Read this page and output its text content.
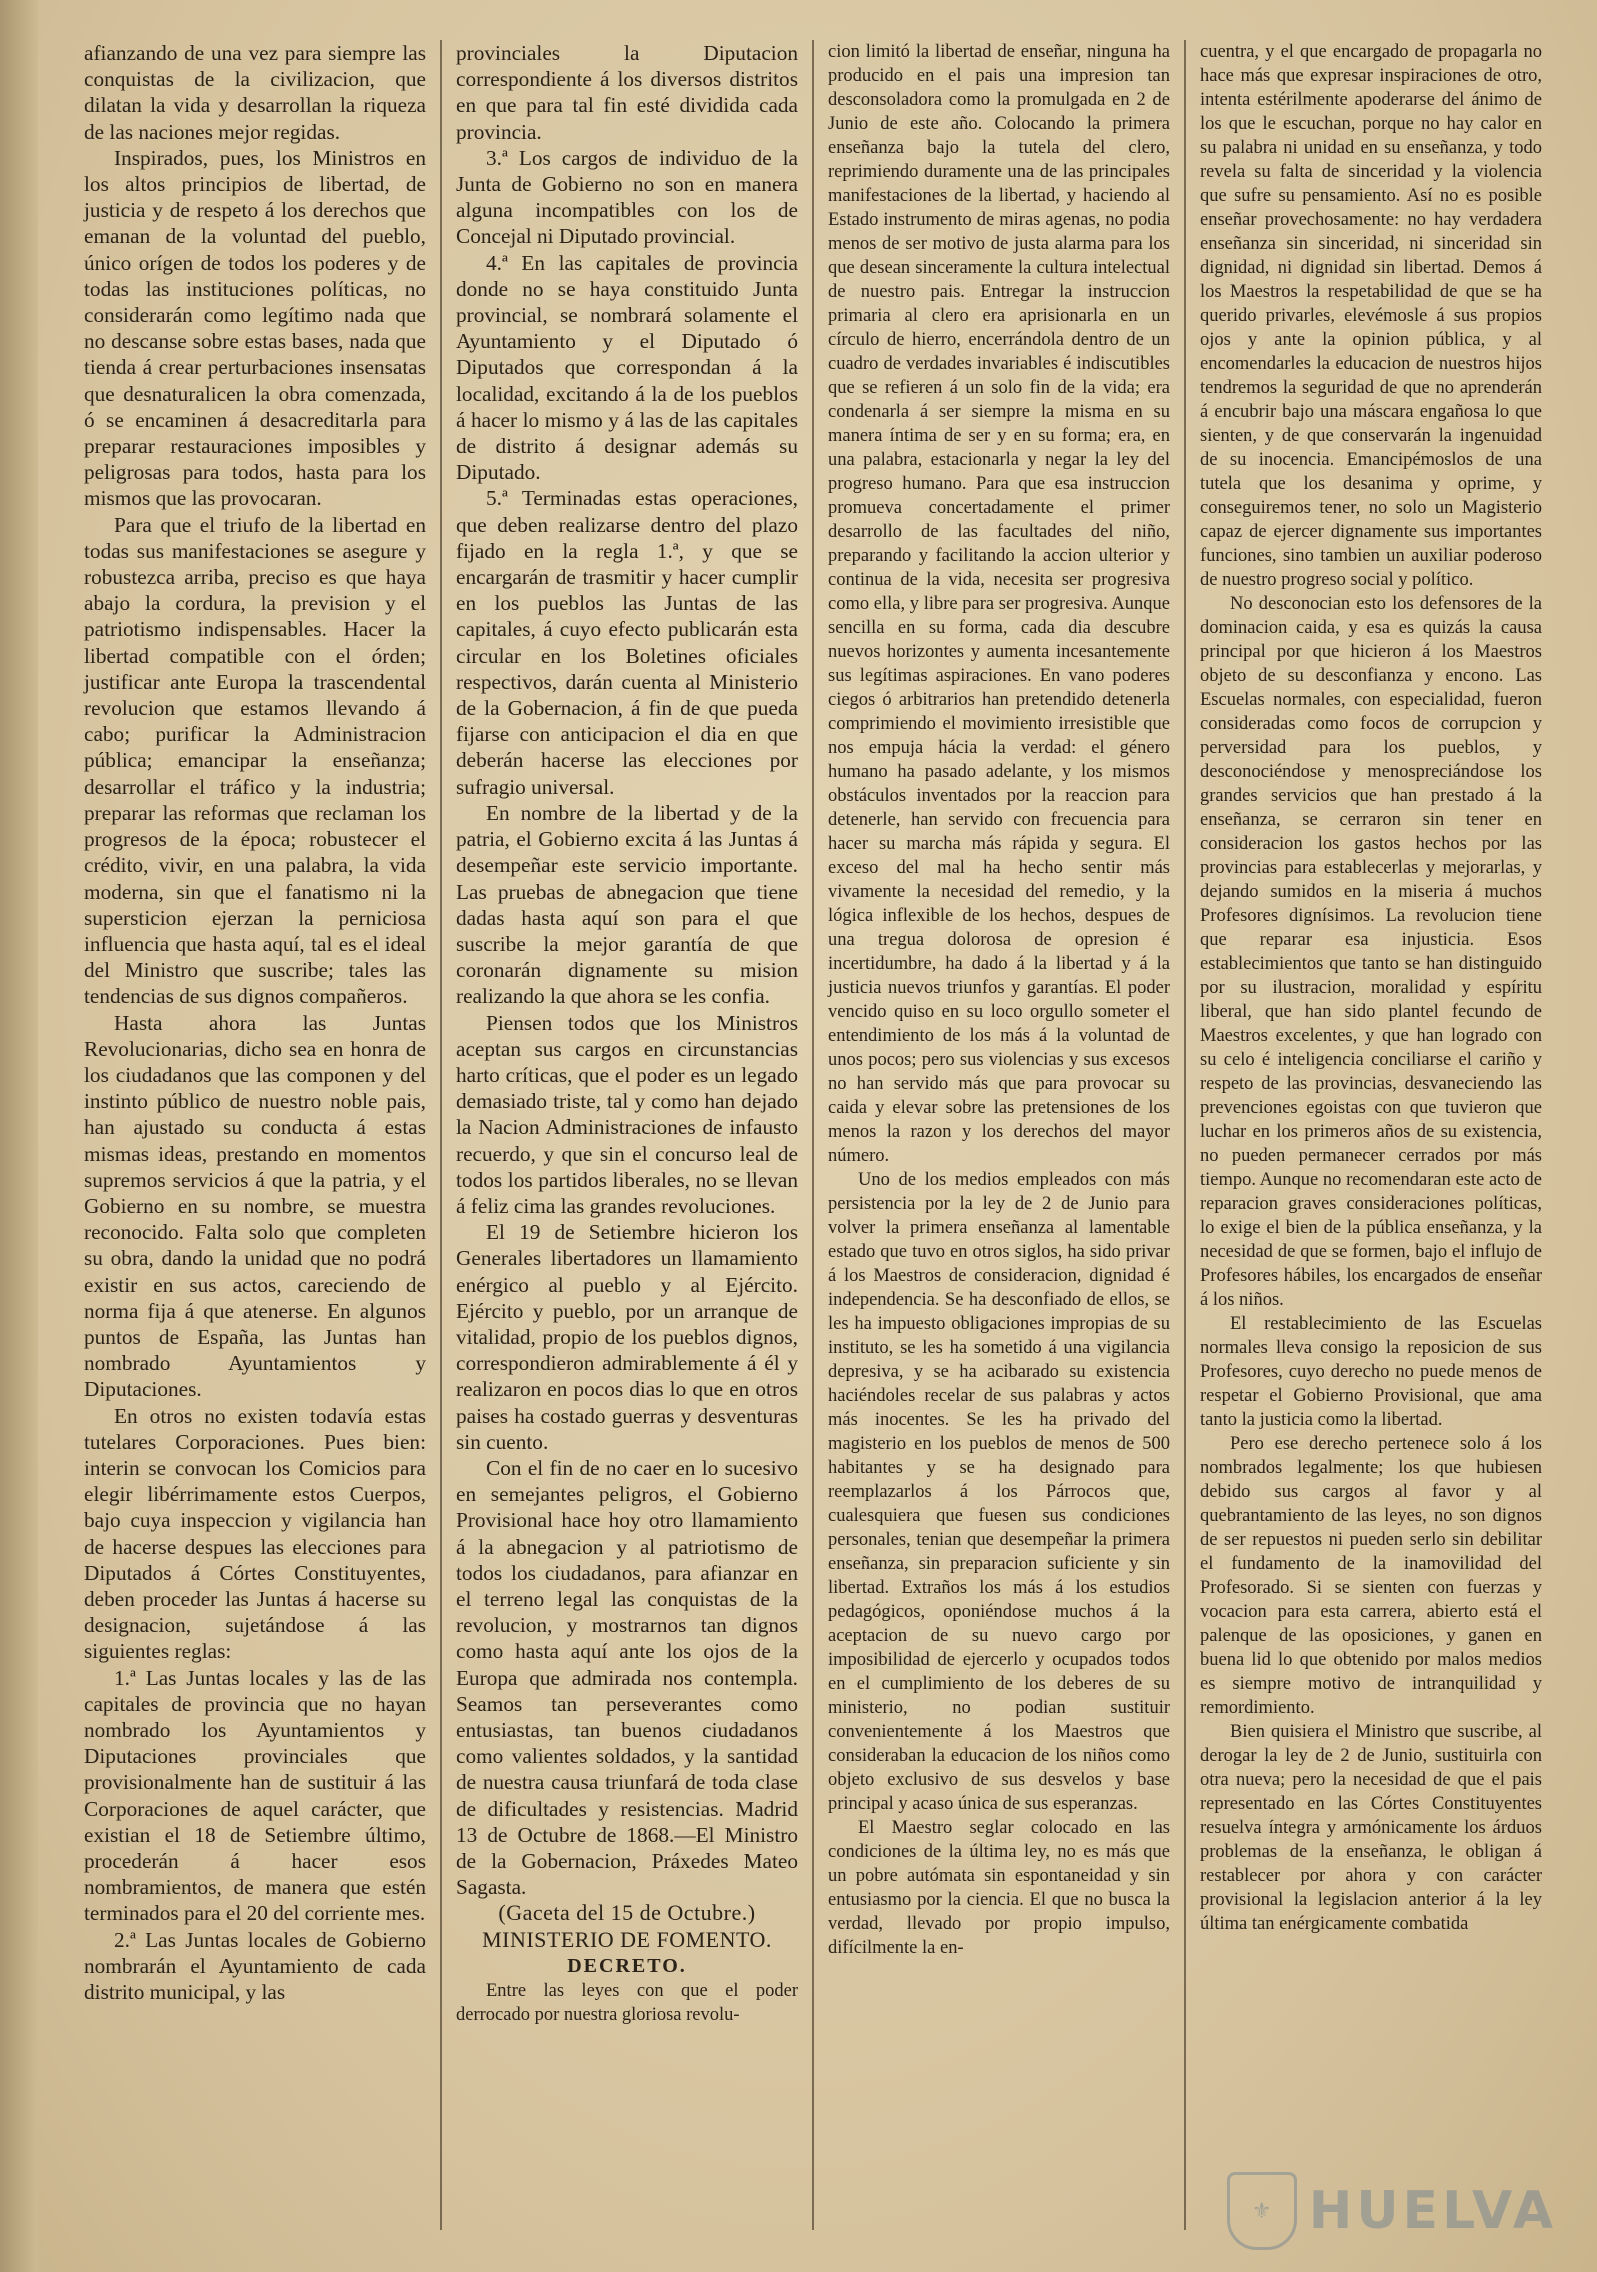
afianzando de una vez para siempre las conquistas de la civilizacion, que dilatan la vida y desarrollan la riqueza de las naciones mejor regidas.

Inspirados, pues, los Ministros en los altos principios de libertad, de justicia y de respeto á los derechos que emanan de la voluntad del pueblo, único orígen de todos los poderes y de todas las instituciones políticas, no considerarán como legítimo nada que no descanse sobre estas bases, nada que tienda á crear perturbaciones insensatas que desnaturalicen la obra comenzada, ó se encaminen á desacreditarla para preparar restauraciones imposibles y peligrosas para todos, hasta para los mismos que las provocaran.

Para que el triufo de la libertad en todas sus manifestaciones se asegure y robustezca arriba, preciso es que haya abajo la cordura, la prevision y el patriotismo indispensables. Hacer la libertad compatible con el órden; justificar ante Europa la trascendental revolucion que estamos llevando á cabo; purificar la Administracion pública; emancipar la enseñanza; desarrollar el tráfico y la industria; preparar las reformas que reclaman los progresos de la época; robustecer el crédito, vivir, en una palabra, la vida moderna, sin que el fanatismo ni la supersticion ejerzan la perniciosa influencia que hasta aquí, tal es el ideal del Ministro que suscribe; tales las tendencias de sus dignos compañeros.

Hasta ahora las Juntas Revolucionarias, dicho sea en honra de los ciudadanos que las componen y del instinto público de nuestro noble pais, han ajustado su conducta á estas mismas ideas, prestando en momentos supremos servicios á que la patria, y el Gobierno en su nombre, se muestra reconocido. Falta solo que completen su obra, dando la unidad que no podrá existir en sus actos, careciendo de norma fija á que atenerse. En algunos puntos de España, las Juntas han nombrado Ayuntamientos y Diputaciones.

En otros no existen todavía estas tutelares Corporaciones. Pues bien: interin se convocan los Comicios para elegir libérrimamente estos Cuerpos, bajo cuya inspeccion y vigilancia han de hacerse despues las elecciones para Diputados á Córtes Constituyentes, deben proceder las Juntas á hacerse su designacion, sujetándose á las siguientes reglas:

1.ª Las Juntas locales y las de las capitales de provincia que no hayan nombrado los Ayuntamientos y Diputaciones provinciales que provisionalmente han de sustituir á las Corporaciones de aquel carácter, que existian el 18 de Setiembre último, procederán á hacer esos nombramientos, de manera que estén terminados para el 20 del corriente mes.

2.ª Las Juntas locales de Gobierno nombrarán el Ayuntamiento de cada distrito municipal, y las

provinciales la Diputacion correspondiente á los diversos distritos en que para tal fin esté dividida cada provincia.

3.ª Los cargos de individuo de la Junta de Gobierno no son en manera alguna incompatibles con los de Concejal ni Diputado provincial.

4.ª En las capitales de provincia donde no se haya constituido Junta provincial, se nombrará solamente el Ayuntamiento y el Diputado ó Diputados que correspondan á la localidad, excitando á la de los pueblos á hacer lo mismo y á las de las capitales de distrito á designar además su Diputado.

5.ª Terminadas estas operaciones, que deben realizarse dentro del plazo fijado en la regla 1.ª, y que se encargarán de trasmitir y hacer cumplir en los pueblos las Juntas de las capitales, á cuyo efecto publicarán esta circular en los Boletines oficiales respectivos, darán cuenta al Ministerio de la Gobernacion, á fin de que pueda fijarse con anticipacion el dia en que deberán hacerse las elecciones por sufragio universal.

En nombre de la libertad y de la patria, el Gobierno excita á las Juntas á desempeñar este servicio importante. Las pruebas de abnegacion que tiene dadas hasta aquí son para el que suscribe la mejor garantía de que coronarán dignamente su mision realizando la que ahora se les confia.

Piensen todos que los Ministros aceptan sus cargos en circunstancias harto críticas, que el poder es un legado demasiado triste, tal y como han dejado la Nacion Administraciones de infausto recuerdo, y que sin el concurso leal de todos los partidos liberales, no se llevan á feliz cima las grandes revoluciones.

El 19 de Setiembre hicieron los Generales libertadores un llamamiento enérgico al pueblo y al Ejército. Ejército y pueblo, por un arranque de vitalidad, propio de los pueblos dignos, correspondieron admirablemente á él y realizaron en pocos dias lo que en otros paises ha costado guerras y desventuras sin cuento.

Con el fin de no caer en lo sucesivo en semejantes peligros, el Gobierno Provisional hace hoy otro llamamiento á la abnegacion y al patriotismo de todos los ciudadanos, para afianzar en el terreno legal las conquistas de la revolucion, y mostrarnos tan dignos como hasta aquí ante los ojos de la Europa que admirada nos contempla. Seamos tan perseverantes como entusiastas, tan buenos ciudadanos como valientes soldados, y la santidad de nuestra causa triunfará de toda clase de dificultades y resistencias. Madrid 13 de Octubre de 1868.—El Ministro de la Gobernacion, Práxedes Mateo Sagasta.

(Gaceta del 15 de Octubre.)

MINISTERIO DE FOMENTO.

DECRETO.

Entre las leyes con que el poder derrocado por nuestra gloriosa revolu-

cion limitó la libertad de enseñar, ninguna ha producido en el pais una impresion tan desconsoladora como la promulgada en 2 de Junio de este año. Colocando la primera enseñanza bajo la tutela del clero, reprimiendo duramente una de las principales manifestaciones de la libertad, y haciendo al Estado instrumento de miras agenas, no podia menos de ser motivo de justa alarma para los que desean sinceramente la cultura intelectual de nuestro pais. Entregar la instruccion primaria al clero era aprisionarla en un círculo de hierro, encerrándola dentro de un cuadro de verdades invariables é indiscutibles que se refieren á un solo fin de la vida; era condenarla á ser siempre la misma en su manera íntima de ser y en su forma; era, en una palabra, estacionarla y negar la ley del progreso humano. Para que esa instruccion promueva concertadamente el primer desarrollo de las facultades del niño, preparando y facilitando la accion ulterior y continua de la vida, necesita ser progresiva como ella, y libre para ser progresiva. Aunque sencilla en su forma, cada dia descubre nuevos horizontes y aumenta incesantemente sus legítimas aspiraciones. En vano poderes ciegos ó arbitrarios han pretendido detenerla comprimiendo el movimiento irresistible que nos empuja hácia la verdad: el género humano ha pasado adelante, y los mismos obstáculos inventados por la reaccion para detenerle, han servido con frecuencia para hacer su marcha más rápida y segura. El exceso del mal ha hecho sentir más vivamente la necesidad del remedio, y la lógica inflexible de los hechos, despues de una tregua dolorosa de opresion é incertidumbre, ha dado á la libertad y á la justicia nuevos triunfos y garantías. El poder vencido quiso en su loco orgullo someter el entendimiento de los más á la voluntad de unos pocos; pero sus violencias y sus excesos no han servido más que para provocar su caida y elevar sobre las pretensiones de los menos la razon y los derechos del mayor número.

Uno de los medios empleados con más persistencia por la ley de 2 de Junio para volver la primera enseñanza al lamentable estado que tuvo en otros siglos, ha sido privar á los Maestros de consideracion, dignidad é independencia. Se ha desconfiado de ellos, se les ha impuesto obligaciones impropias de su instituto, se les ha sometido á una vigilancia depresiva, y se ha acibarado su existencia haciéndoles recelar de sus palabras y actos más inocentes. Se les ha privado del magisterio en los pueblos de menos de 500 habitantes y se ha designado para reemplazarlos á los Párrocos que, cualesquiera que fuesen sus condiciones personales, tenian que desempeñar la primera enseñanza, sin preparacion suficiente y sin libertad. Extraños los más á los estudios pedagógicos, oponiéndose muchos á la aceptacion de su nuevo cargo por imposibilidad de ejercerlo y ocupados todos en el cumplimiento de los deberes de su ministerio, no podian sustituir convenientemente á los Maestros que consideraban la educacion de los niños como objeto exclusivo de sus desvelos y base principal y acaso única de sus esperanzas.

El Maestro seglar colocado en las condiciones de la última ley, no es más que un pobre autómata sin espontaneidad y sin entusiasmo por la ciencia. El que no busca la verdad, llevado por propio impulso, difícilmente la en-

cuentra, y el que encargado de propagarla no hace más que expresar inspiraciones de otro, intenta estérilmente apoderarse del ánimo de los que le escuchan, porque no hay calor en su palabra ni unidad en su enseñanza, y todo revela su falta de sinceridad y la violencia que sufre su pensamiento. Así no es posible enseñar provechosamente: no hay verdadera enseñanza sin sinceridad, ni sinceridad sin dignidad, ni dignidad sin libertad. Demos á los Maestros la respetabilidad de que se ha querido privarles, elevémosle á sus propios ojos y ante la opinion pública, y al encomendarles la educacion de nuestros hijos tendremos la seguridad de que no aprenderán á encubrir bajo una máscara engañosa lo que sienten, y de que conservarán la ingenuidad de su inocencia. Emancipémoslos de una tutela que los desanima y oprime, y conseguiremos tener, no solo un Magisterio capaz de ejercer dignamente sus importantes funciones, sino tambien un auxiliar poderoso de nuestro progreso social y político.

No desconocian esto los defensores de la dominacion caida, y esa es quizás la causa principal por que hicieron á los Maestros objeto de su desconfianza y encono. Las Escuelas normales, con especialidad, fueron consideradas como focos de corrupcion y perversidad para los pueblos, y desconociéndose y menospreciándose los grandes servicios que han prestado á la enseñanza, se cerraron sin tener en consideracion los gastos hechos por las provincias para establecerlas y mejorarlas, y dejando sumidos en la miseria á muchos Profesores dignísimos. La revolucion tiene que reparar esa injusticia. Esos establecimientos que tanto se han distinguido por su ilustracion, moralidad y espíritu liberal, que han sido plantel fecundo de Maestros excelentes, y que han logrado con su celo é inteligencia conciliarse el cariño y respeto de las provincias, desvaneciendo las prevenciones egoistas con que tuvieron que luchar en los primeros años de su existencia, no pueden permanecer cerrados por más tiempo. Aunque no recomendaran este acto de reparacion graves consideraciones políticas, lo exige el bien de la pública enseñanza, y la necesidad de que se formen, bajo el influjo de Profesores hábiles, los encargados de enseñar á los niños.

El restablecimiento de las Escuelas normales lleva consigo la reposicion de sus Profesores, cuyo derecho no puede menos de respetar el Gobierno Provisional, que ama tanto la justicia como la libertad.

Pero ese derecho pertenece solo á los nombrados legalmente; los que hubiesen debido sus cargos al favor y al quebrantamiento de las leyes, no son dignos de ser repuestos ni pueden serlo sin debilitar el fundamento de la inamovilidad del Profesorado. Si se sienten con fuerzas y vocacion para esta carrera, abierto está el palenque de las oposiciones, y ganen en buena lid lo que obtenido por malos medios es siempre motivo de intranquilidad y remordimiento.

Bien quisiera el Ministro que suscribe, al derogar la ley de 2 de Junio, sustituirla con otra nueva; pero la necesidad de que el pais representado en las Córtes Constituyentes resuelva íntegra y armónicamente los árduos problemas de la enseñanza, le obligan á restablecer por ahora y con carácter provisional la legislacion anterior á la ley última tan enérgicamente combatida

⚜ HUELVA
